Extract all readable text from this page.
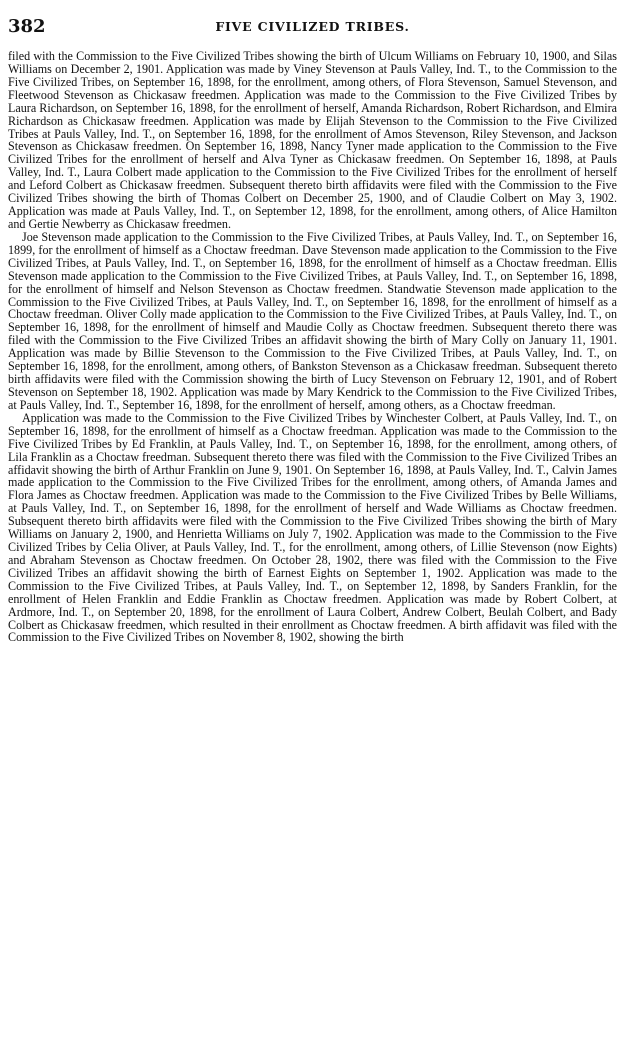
382	FIVE CIVILIZED TRIBES.

filed with the Commission to the Five Civilized Tribes showing the birth of Ulcum Williams on February 10, 1900, and Silas Williams on December 2, 1901. Application was made by Viney Stevenson at Pauls Valley, Ind. T., to the Commission to the Five Civilized Tribes, on September 16, 1898, for the enrollment, among others, of Flora Stevenson, Samuel Stevenson, and Fleetwood Stevenson as Chickasaw freedmen. Application was made to the Commission to the Five Civilized Tribes by Laura Richardson, on September 16, 1898, for the enrollment of herself, Amanda Richardson, Robert Richardson, and Elmira Richardson as Chickasaw freedmen. Application was made by Elijah Stevenson to the Commission to the Five Civilized Tribes at Pauls Valley, Ind. T., on September 16, 1898, for the enrollment of Amos Stevenson, Riley Stevenson, and Jackson Stevenson as Chickasaw freedmen. On September 16, 1898, Nancy Tyner made application to the Commission to the Five Civilized Tribes for the enrollment of herself and Alva Tyner as Chickasaw freedmen. On September 16, 1898, at Pauls Valley, Ind. T., Laura Colbert made application to the Commission to the Five Civilized Tribes for the enrollment of herself and Leford Colbert as Chickasaw freedmen. Subsequent thereto birth affidavits were filed with the Commission to the Five Civilized Tribes showing the birth of Thomas Colbert on December 25, 1900, and of Claudie Colbert on May 3, 1902. Application was made at Pauls Valley, Ind. T., on September 12, 1898, for the enrollment, among others, of Alice Hamilton and Gertie Newberry as Chickasaw freedmen.

Joe Stevenson made application to the Commission to the Five Civilized Tribes, at Pauls Valley, Ind. T., on September 16, 1899, for the enrollment of himself as a Choctaw freedman. Dave Stevenson made application to the Commission to the Five Civilized Tribes, at Pauls Valley, Ind. T., on September 16, 1898, for the enrollment of himself as a Choctaw freedman. Ellis Stevenson made application to the Commission to the Five Civilized Tribes, at Pauls Valley, Ind. T., on September 16, 1898, for the enrollment of himself and Nelson Stevenson as Choctaw freedmen. Standwatie Stevenson made application to the Commission to the Five Civilized Tribes, at Pauls Valley, Ind. T., on September 16, 1898, for the enrollment of himself as a Choctaw freedman. Oliver Colly made application to the Commission to the Five Civilized Tribes, at Pauls Valley, Ind. T., on September 16, 1898, for the enrollment of himself and Maudie Colly as Choctaw freedmen. Subsequent thereto there was filed with the Commission to the Five Civilized Tribes an affidavit showing the birth of Mary Colly on January 11, 1901. Application was made by Billie Stevenson to the Commission to the Five Civilized Tribes, at Pauls Valley, Ind. T., on September 16, 1898, for the enrollment, among others, of Bankston Stevenson as a Chickasaw freedman. Subsequent thereto birth affidavits were filed with the Commission showing the birth of Lucy Stevenson on February 12, 1901, and of Robert Stevenson on September 18, 1902. Application was made by Mary Kendrick to the Commission to the Five Civilized Tribes, at Pauls Valley, Ind. T., September 16, 1898, for the enrollment of herself, among others, as a Choctaw freedman.

Application was made to the Commission to the Five Civilized Tribes by Winchester Colbert, at Pauls Valley, Ind. T., on September 16, 1898, for the enrollment of himself as a Choctaw freedman. Application was made to the Commission to the Five Civilized Tribes by Ed Franklin, at Pauls Valley, Ind. T., on September 16, 1898, for the enrollment, among others, of Lila Franklin as a Choctaw freedman. Subsequent thereto there was filed with the Commission to the Five Civilized Tribes an affidavit showing the birth of Arthur Franklin on June 9, 1901. On September 16, 1898, at Pauls Valley, Ind. T., Calvin James made application to the Commission to the Five Civilized Tribes for the enrollment, among others, of Amanda James and Flora James as Choctaw freedmen. Application was made to the Commission to the Five Civilized Tribes by Belle Williams, at Pauls Valley, Ind. T., on September 16, 1898, for the enrollment of herself and Wade Williams as Choctaw freedmen. Subsequent thereto birth affidavits were filed with the Commission to the Five Civilized Tribes showing the birth of Mary Williams on January 2, 1900, and Henrietta Williams on July 7, 1902. Application was made to the Commission to the Five Civilized Tribes by Celia Oliver, at Pauls Valley, Ind. T., for the enrollment, among others, of Lillie Stevenson (now Eights) and Abraham Stevenson as Choctaw freedmen. On October 28, 1902, there was filed with the Commission to the Five Civilized Tribes an affidavit showing the birth of Earnest Eights on September 1, 1902. Application was made to the Commission to the Five Civilized Tribes, at Pauls Valley, Ind. T., on September 12, 1898, by Sanders Franklin, for the enrollment of Helen Franklin and Eddie Franklin as Choctaw freedmen. Application was made by Robert Colbert, at Ardmore, Ind. T., on September 20, 1898, for the enrollment of Laura Colbert, Andrew Colbert, Beulah Colbert, and Bady Colbert as Chickasaw freedmen, which resulted in their enrollment as Choctaw freedmen. A birth affidavit was filed with the Commission to the Five Civilized Tribes on November 8, 1902, showing the birth
